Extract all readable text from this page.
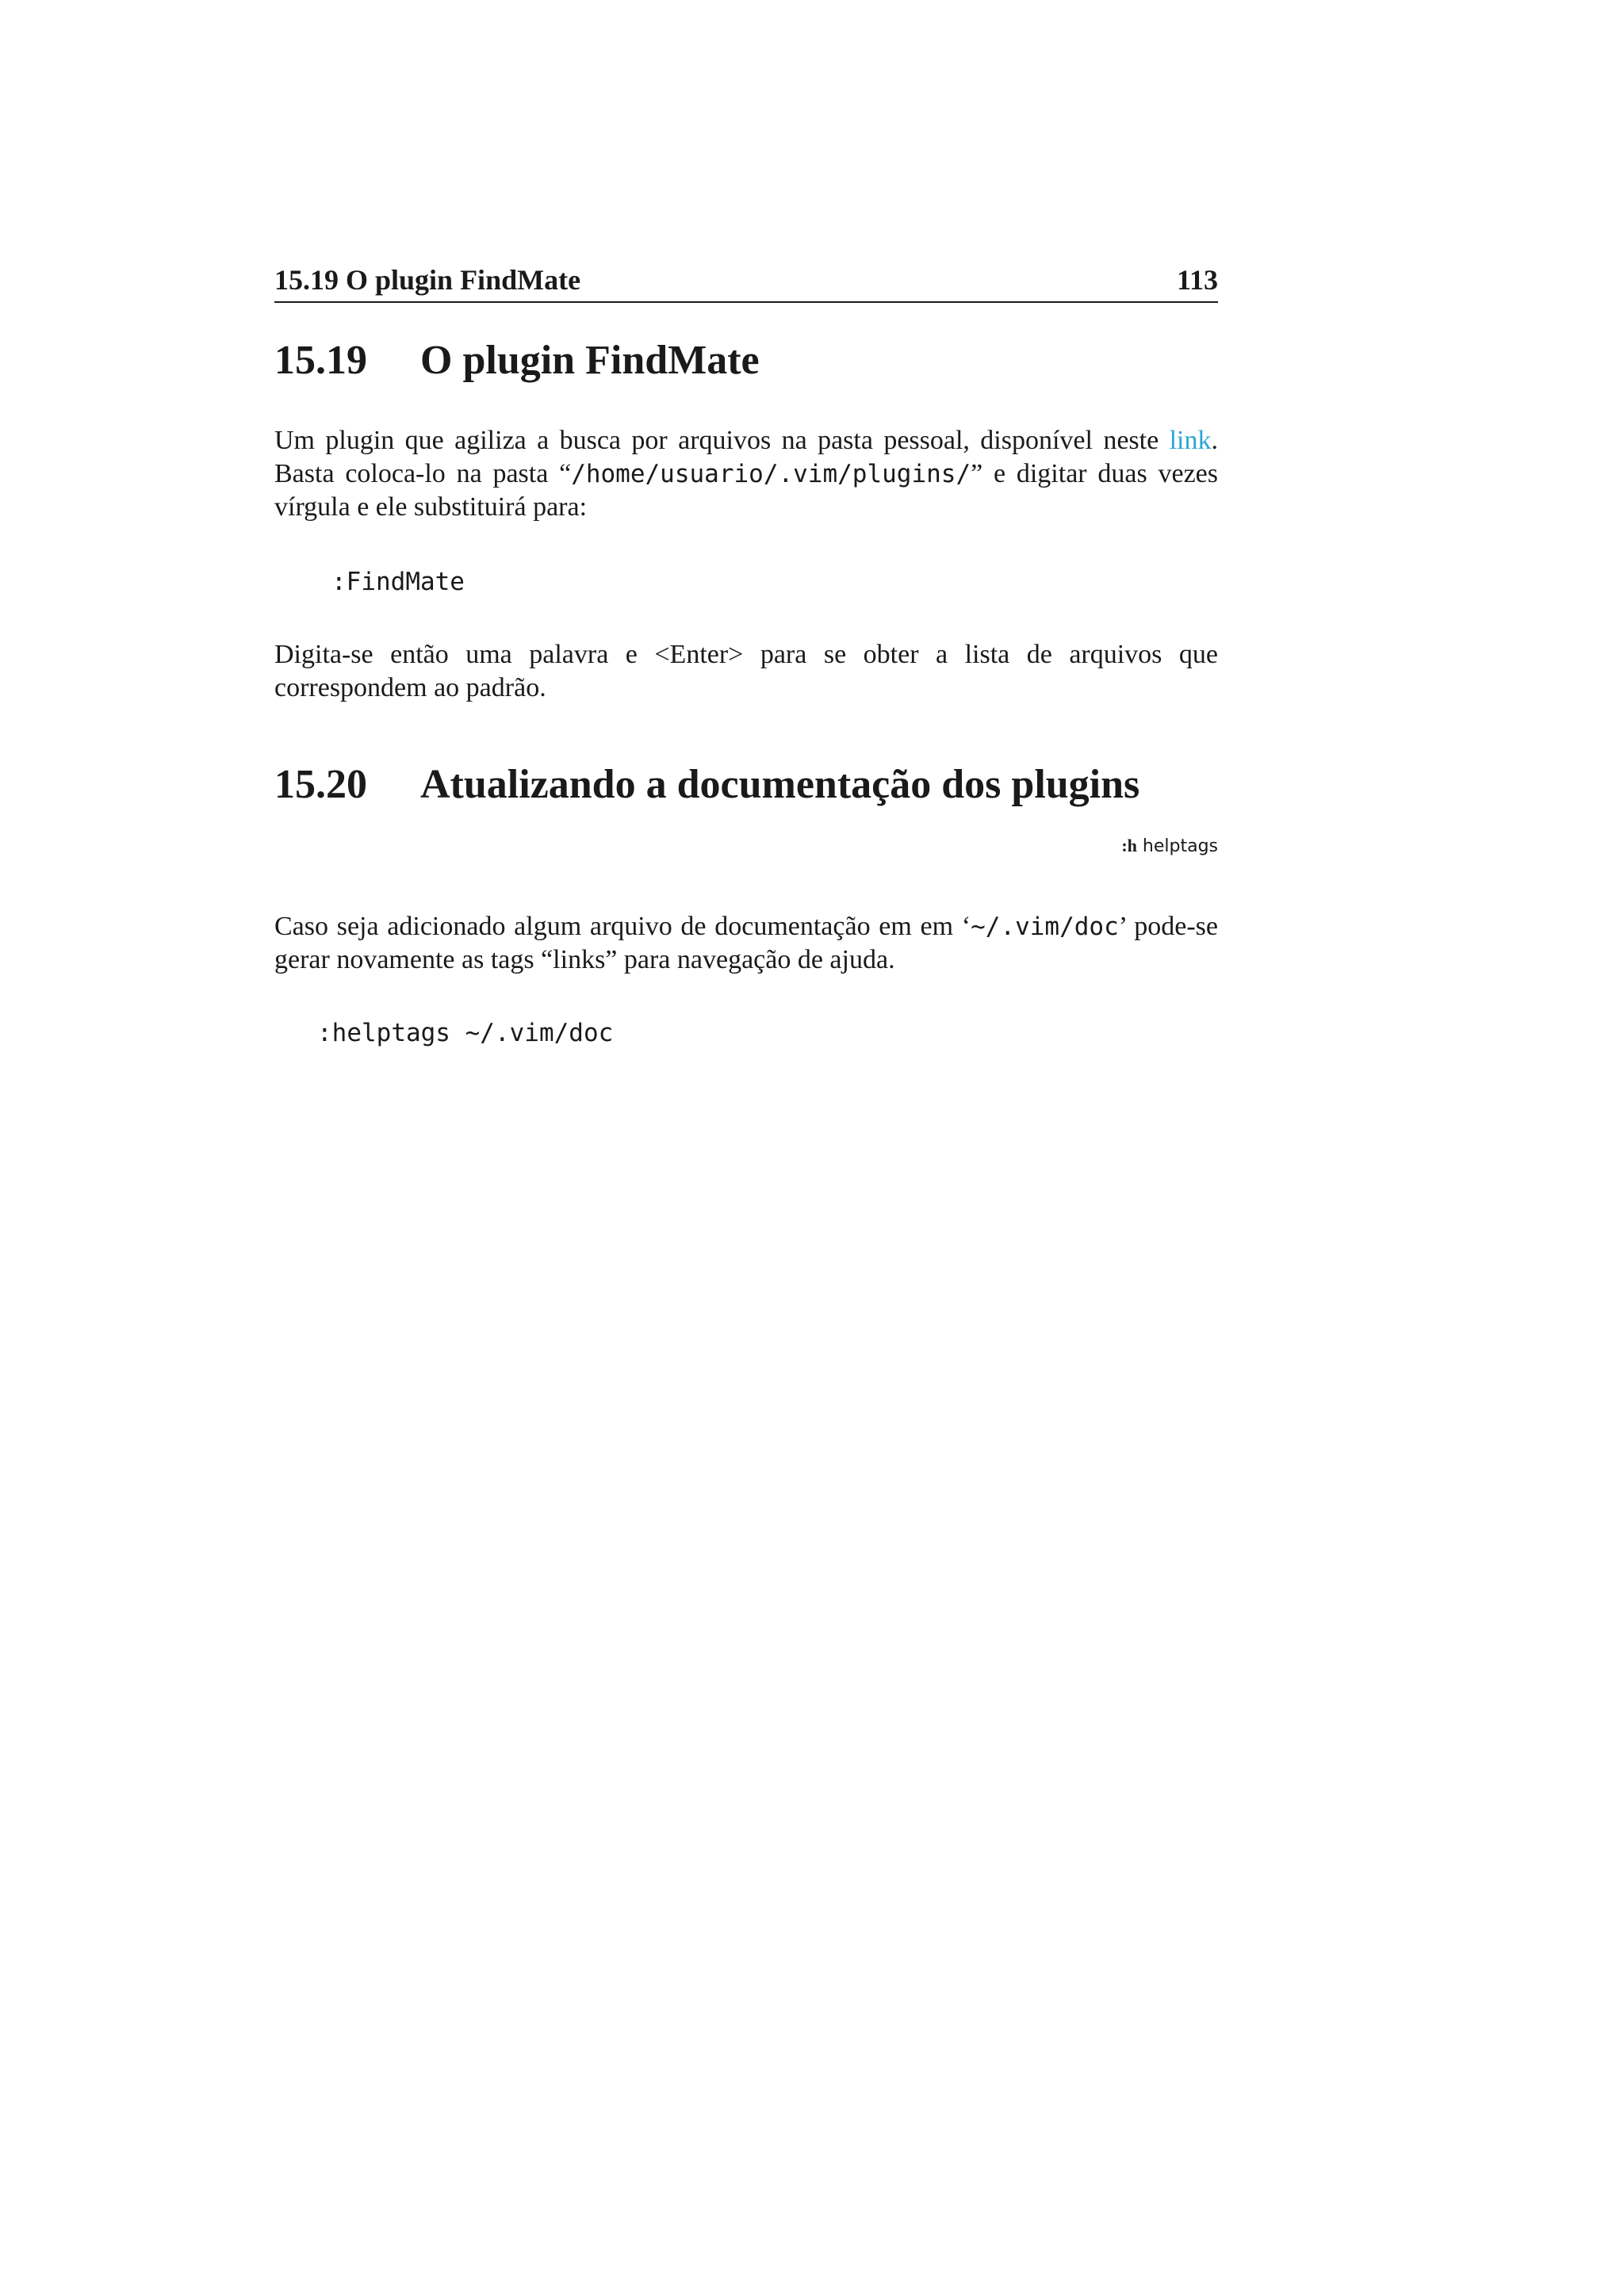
15.19 O plugin FindMate	113
15.19 O plugin FindMate

Um plugin que agiliza a busca por arquivos na pasta pessoal, disponível neste link. Basta coloca-lo na pasta “/home/usuario/.vim/plugins/” e digitar duas vezes vírgula e ele substituirá para:

:FindMate

Digita-se então uma palavra e <Enter> para se obter a lista de arquivos que correspondem ao padrão.

15.20 Atualizando a documentação dos plugins
:h helptags

Caso seja adicionado algum arquivo de documentação em em ‘~/.vim/doc’ pode-se gerar novamente as tags “links” para navegação de ajuda.

:helptags ~/.vim/doc
